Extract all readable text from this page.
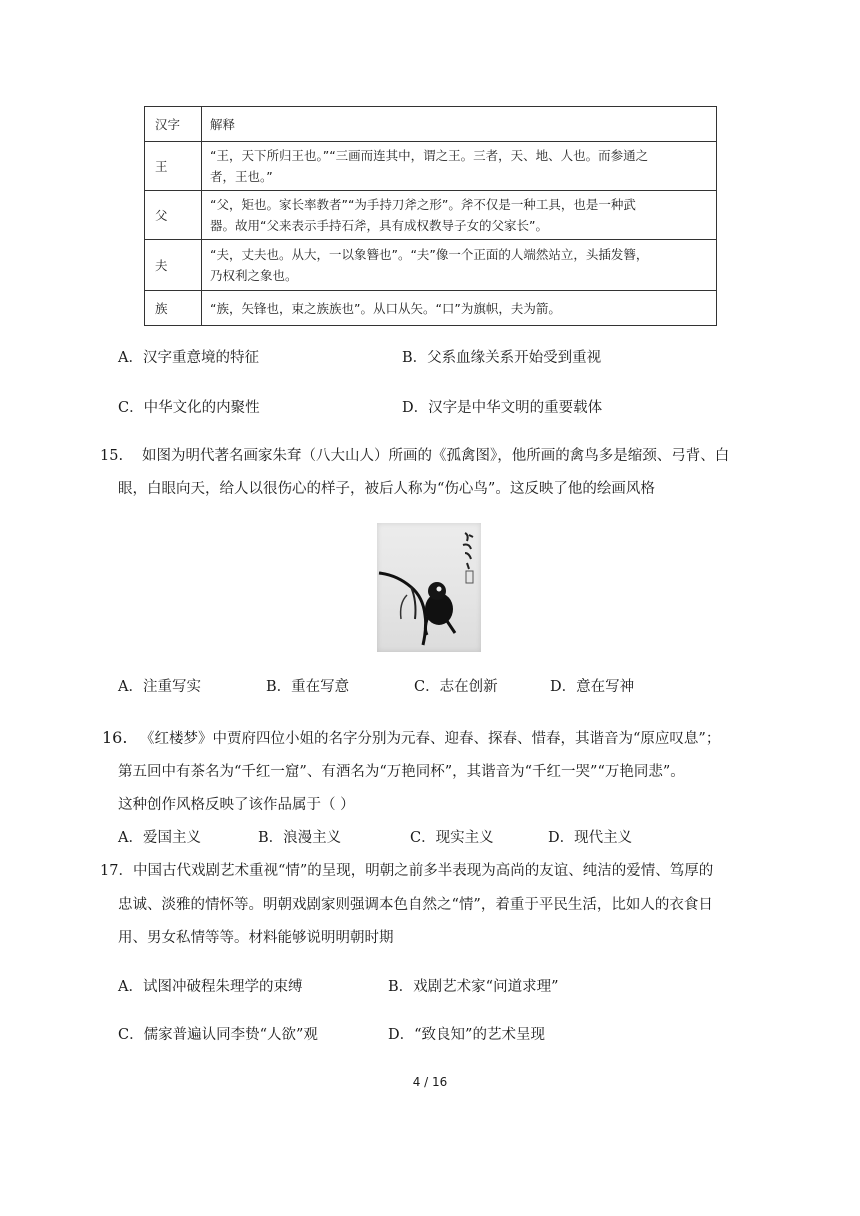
汉字	解释
王	“王，天下所归王也。”“三画而连其中，谓之王。三者，天、地、人也。而参通之
者，王也。”

父	“父，矩也。家长率教者”“为手持刀斧之形”。斧不仅是一种工具，也是一种武
器。故用“父来表示手持石斧，具有成权教导子女的父家长”。

夫	“夫，丈夫也。从大，一以象簪也”。“夫”像一个正面的人端然站立，头插发簪，
乃权利之象也。

族	“族，矢锋也，束之族族也”。从口从矢。“口”为旗帜，夫为箭。
A．汉字重意境的特征	B．父系血缘关系开始受到重视
C．中华文化的内聚性	D．汉字是中华文明的重要载体
15. 如图为明代著名画家朱耷（八大山人）所画的《孤禽图》，他所画的禽鸟多是缩颈、弓背、白
眼，白眼向天，给人以很伤心的样子，被后人称为“伤心鸟”。这反映了他的绘画风格
A．注重写实	B．重在写意	C．志在创新	D．意在写神
16. 《红楼梦》中贾府四位小姐的名字分别为元春、迎春、探春、惜春，其谐音为“原应叹息”；
第五回中有茶名为“千红一窟”、有酒名为“万艳同杯”，其谐音为“千红一哭”“万艳同悲”。
这种创作风格反映了该作品属于（ ）
A．爱国主义	B．浪漫主义	C．现实主义	D．现代主义
17．中国古代戏剧艺术重视“情”的呈现，明朝之前多半表现为高尚的友谊、纯洁的爱情、笃厚的
忠诚、淡雅的情怀等。明朝戏剧家则强调本色自然之“情”，着重于平民生活，比如人的衣食日
用、男女私情等等。材料能够说明明朝时期
A．试图冲破程朱理学的束缚	B．戏剧艺术家“问道求理”
C．儒家普遍认同李贽“人欲”观	D．“致良知”的艺术呈现
4 / 16
